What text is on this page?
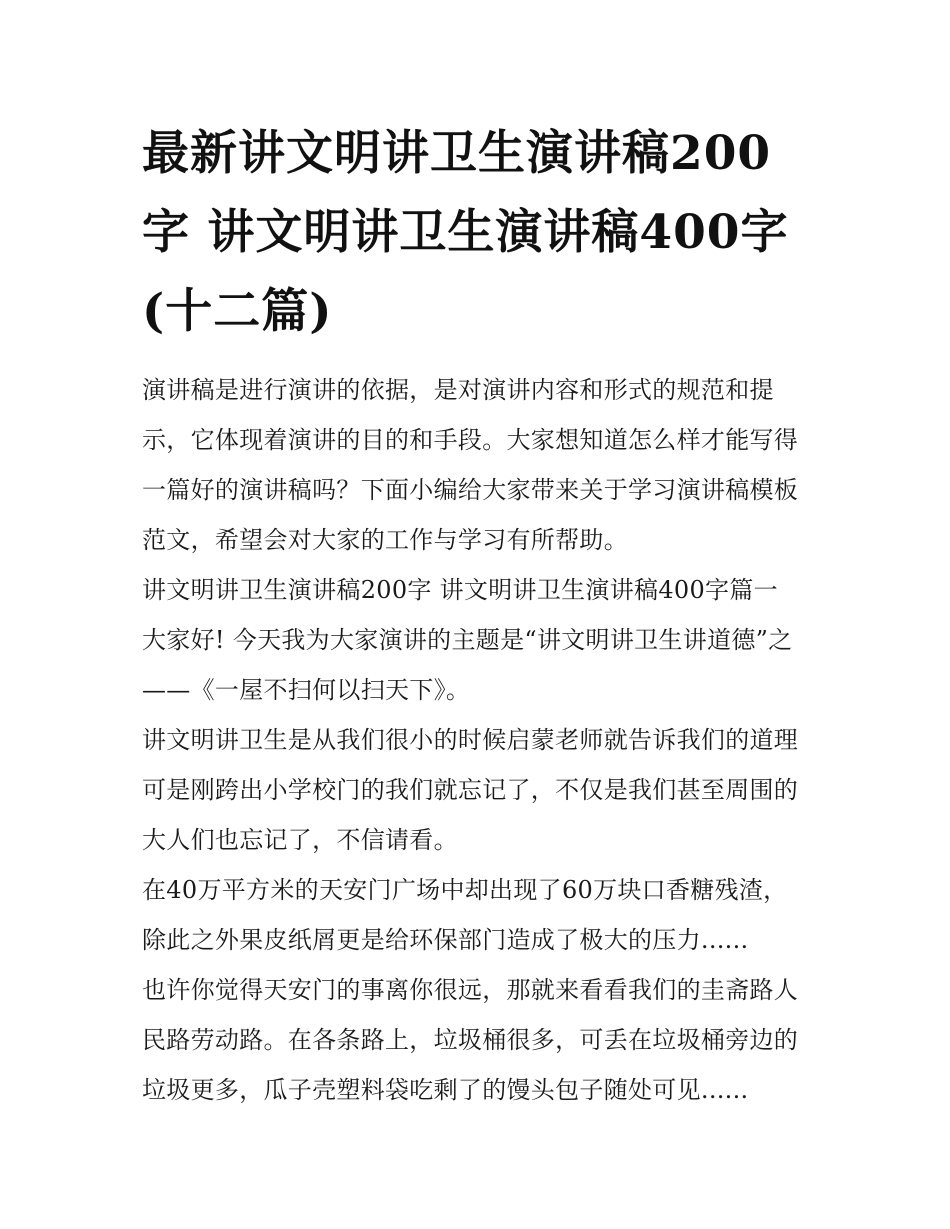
最新讲文明讲卫生演讲稿200
字 讲文明讲卫生演讲稿400字
(十二篇)

演讲稿是进行演讲的依据，是对演讲内容和形式的规范和提
示，它体现着演讲的目的和手段。大家想知道怎么样才能写得
一篇好的演讲稿吗？下面小编给大家带来关于学习演讲稿模板
范文，希望会对大家的工作与学习有所帮助。

讲文明讲卫生演讲稿200字 讲文明讲卫生演讲稿400字篇一

大家好! 今天我为大家演讲的主题是“讲文明讲卫生讲道德”之
——《一屋不扫何以扫天下》。

讲文明讲卫生是从我们很小的时候启蒙老师就告诉我们的道理
可是刚跨出小学校门的我们就忘记了，不仅是我们甚至周围的
大人们也忘记了，不信请看。

在40万平方米的天安门广场中却出现了60万块口香糖残渣，
除此之外果皮纸屑更是给环保部门造成了极大的压力......

也许你觉得天安门的事离你很远，那就来看看我们的圭斋路人
民路劳动路。在各条路上，垃圾桶很多，可丢在垃圾桶旁边的
垃圾更多，瓜子壳塑料袋吃剩了的馒头包子随处可见......
